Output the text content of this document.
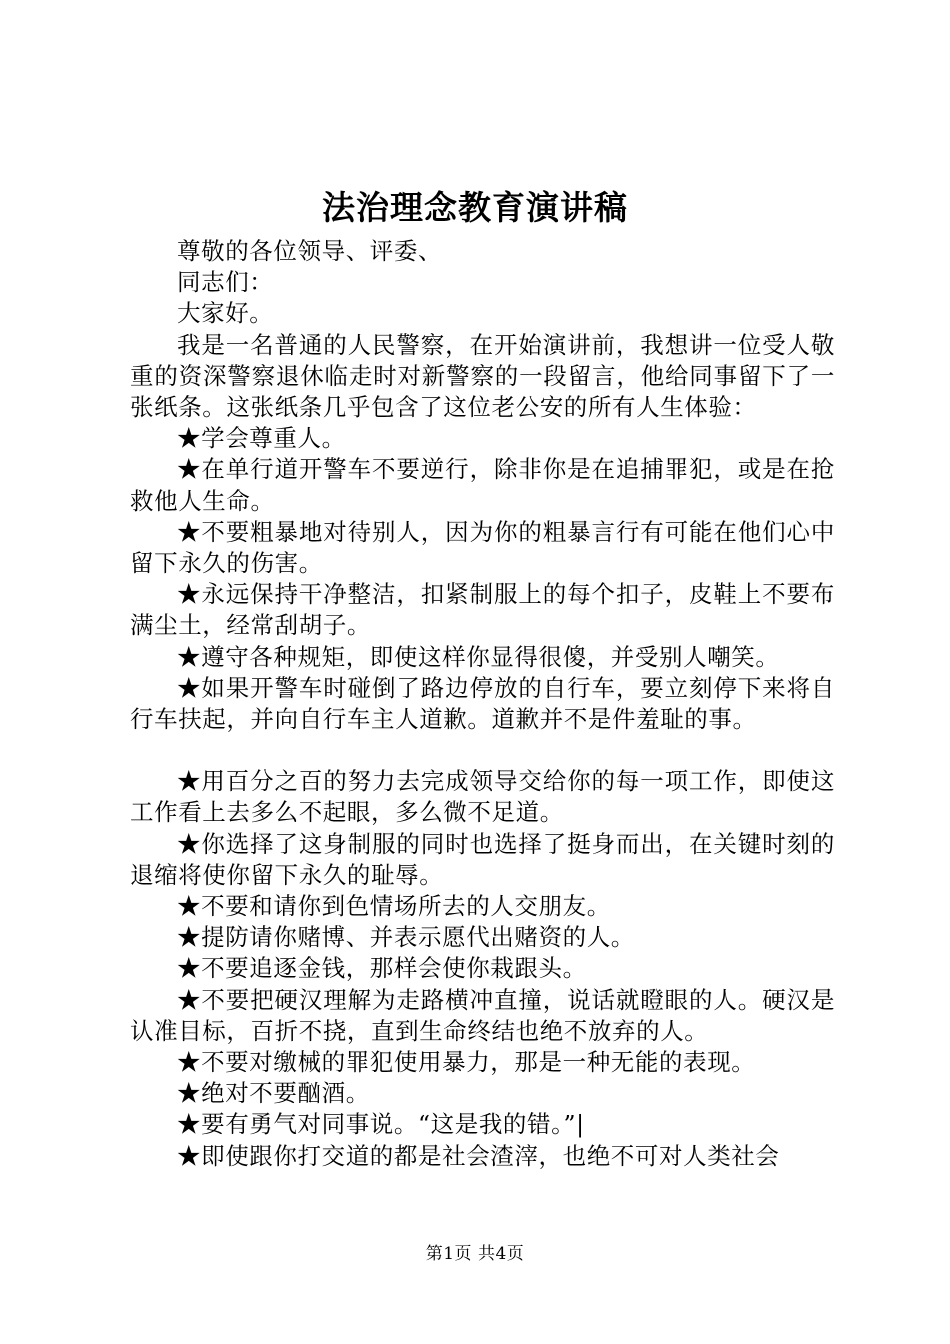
法治理念教育演讲稿

尊敬的各位领导、评委、

同志们：

大家好。

我是一名普通的人民警察，在开始演讲前，我想讲一位受人敬重的资深警察退休临走时对新警察的一段留言，他给同事留下了一张纸条。这张纸条几乎包含了这位老公安的所有人生体验：

★学会尊重人。

★在单行道开警车不要逆行，除非你是在追捕罪犯，或是在抢救他人生命。

★不要粗暴地对待别人，因为你的粗暴言行有可能在他们心中留下永久的伤害。

★永远保持干净整洁，扣紧制服上的每个扣子，皮鞋上不要布满尘土，经常刮胡子。

★遵守各种规矩，即使这样你显得很傻，并受别人嘲笑。

★如果开警车时碰倒了路边停放的自行车，要立刻停下来将自行车扶起，并向自行车主人道歉。道歉并不是件羞耻的事。

★用百分之百的努力去完成领导交给你的每一项工作，即使这工作看上去多么不起眼，多么微不足道。

★你选择了这身制服的同时也选择了挺身而出，在关键时刻的退缩将使你留下永久的耻辱。

★不要和请你到色情场所去的人交朋友。

★提防请你赌博、并表示愿代出赌资的人。

★不要追逐金钱，那样会使你栽跟头。

★不要把硬汉理解为走路横冲直撞，说话就瞪眼的人。硬汉是认准目标，百折不挠，直到生命终结也绝不放弃的人。

★不要对缴械的罪犯使用暴力，那是一种无能的表现。

★绝对不要酗酒。

★要有勇气对同事说。“这是我的错。”|

★即使跟你打交道的都是社会渣滓，也绝不可对人类社会

第1页 共4页
